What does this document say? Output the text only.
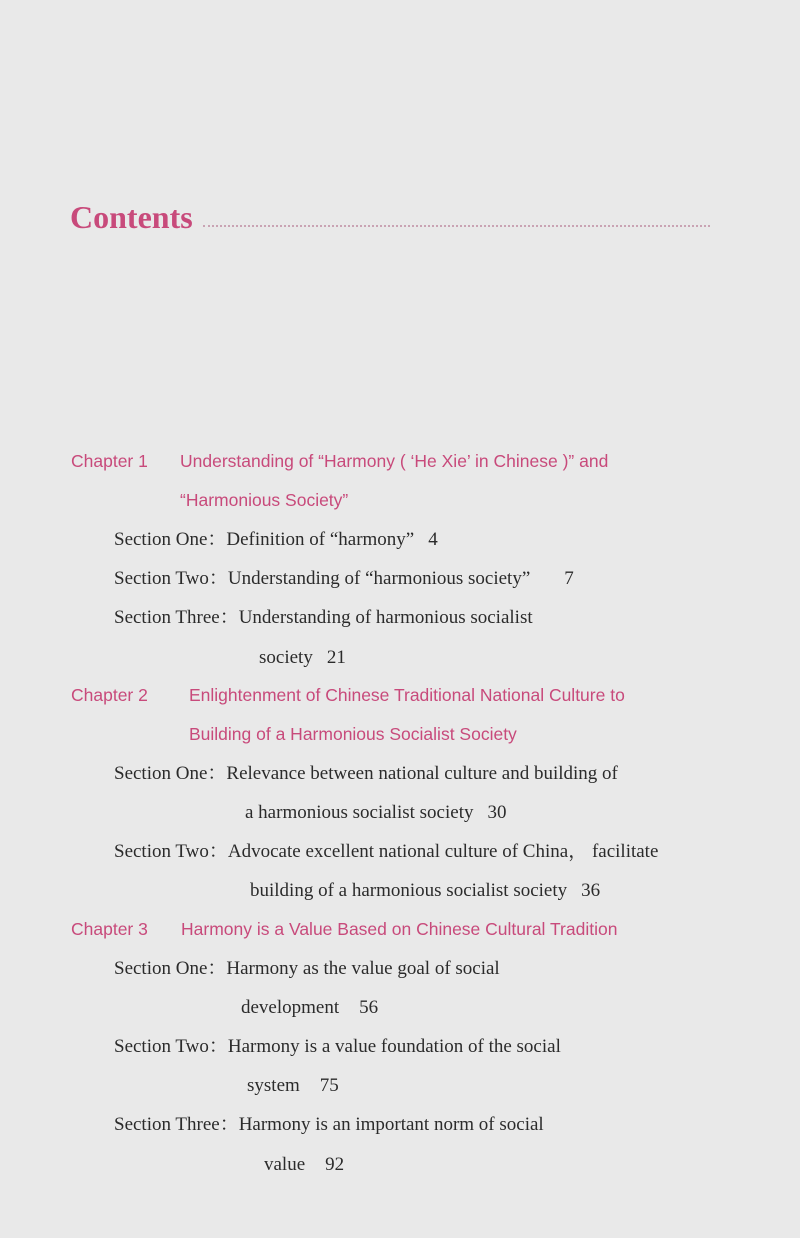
Contents
Chapter 1 Understanding of “Harmony ( ‘He Xie’ in Chinese )” and
“Harmonious Society”
Section One：Definition of “harmony” 4
Section Two：Understanding of “harmonious society” 7
Section Three：Understanding of harmonious socialist
society 21
Chapter 2 Enlightenment of Chinese Traditional National Culture to
Building of a Harmonious Socialist Society
Section One：Relevance between national culture and building of
a harmonious socialist society 30
Section Two：Advocate excellent national culture of China， facilitate
building of a harmonious socialist society 36
Chapter 3 Harmony is a Value Based on Chinese Cultural Tradition
Section One：Harmony as the value goal of social
development 56
Section Two：Harmony is a value foundation of the social
system 75
Section Three：Harmony is an important norm of social
value 92
